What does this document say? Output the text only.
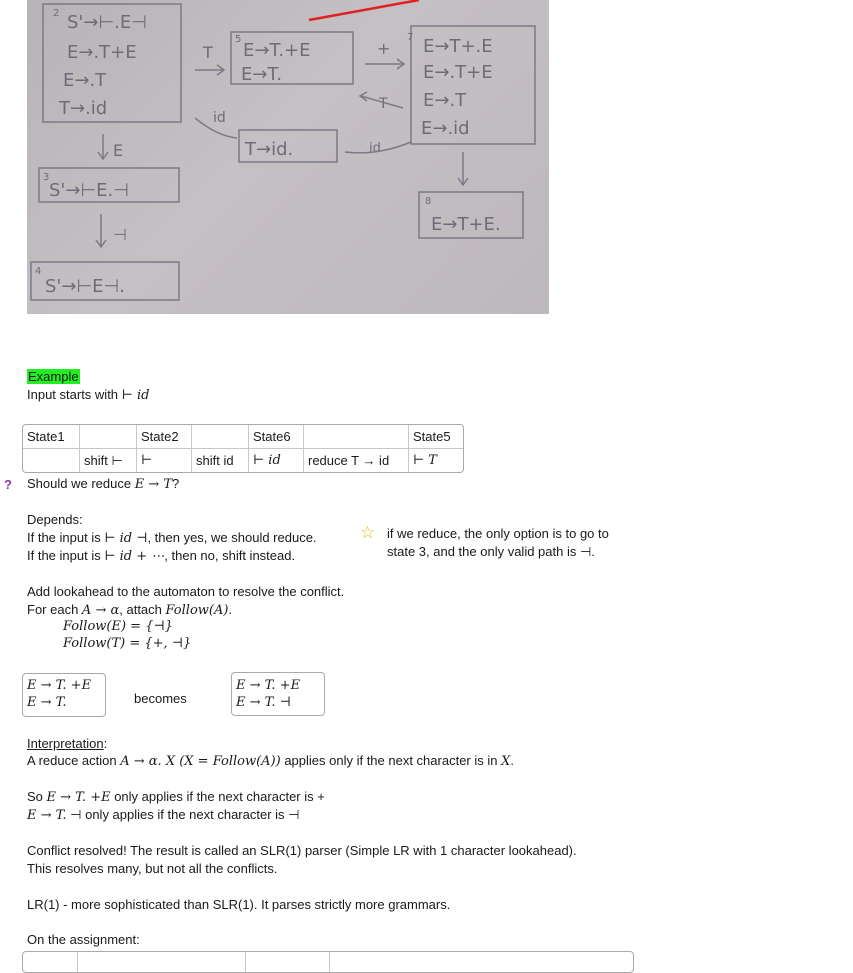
2 S'→⊢.E⊣
E→.T+E
E→.T
T→.id
T
5
E→T.+E
E→T.
+
7 E→T+.E
E→.T+E
E→.T
E→.id
T
id
T→id.	id
E
3
S'→⊢E.⊣
⊣
4
S'→⊢E⊣.
8
E→T+E.
Example
Input starts with ⊢ id
State1		State2		State6		State5
	shift ⊢	⊢	shift id	⊢ id	reduce T → id	⊢ T
? Should we reduce E → T?
Depends:
If the input is ⊢ id ⊣, then yes, we should reduce.
If the input is ⊢ id + ⋯, then no, shift instead.
☆ if we reduce, the only option is to go to
state 3, and the only valid path is ⊣.
Add lookahead to the automaton to resolve the conflict.
For each A → α, attach Follow(A).
Follow(E) = {⊣}
Follow(T) = {+, ⊣}
E → T. +E
E → T.	becomes
E → T. +E
E → T. ⊣
Interpretation:
A reduce action A → α. X (X = Follow(A)) applies only if the next character is in X.
So E → T. +E only applies if the next character is +
E → T. ⊣ only applies if the next character is ⊣
Conflict resolved! The result is called an SLR(1) parser (Simple LR with 1 character lookahead).
This resolves many, but not all the conflicts.
LR(1) - more sophisticated than SLR(1). It parses strictly more grammars.
On the assignment:
